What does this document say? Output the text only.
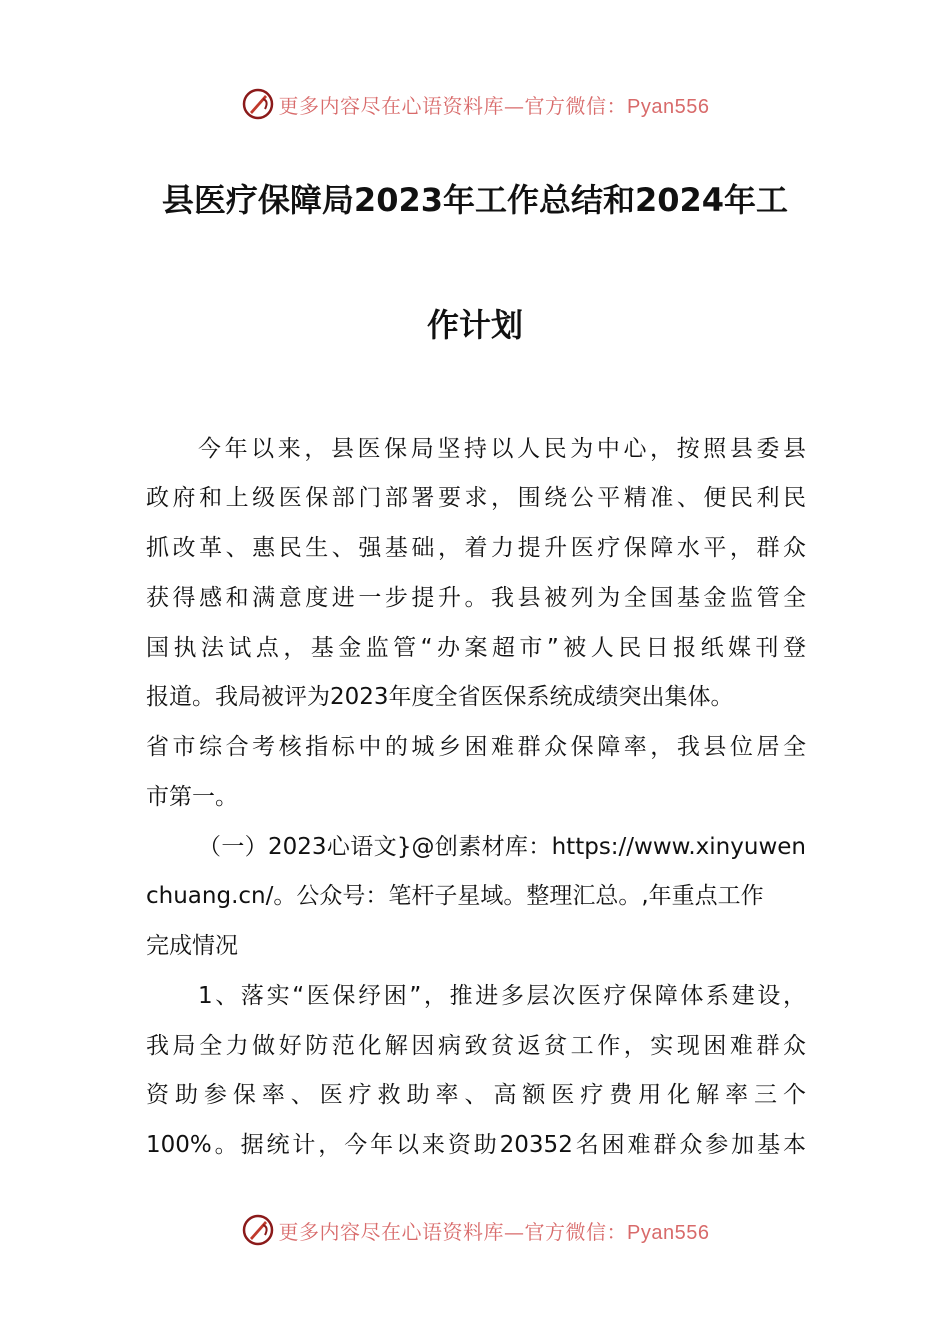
更多内容尽在心语资料库—官方微信：Pyan556
县医疗保障局2023年工作总结和2024年工
作计划
今年以来，县医保局坚持以人民为中心，按照县委县
政府和上级医保部门部署要求，围绕公平精准、便民利民
抓改革、惠民生、强基础，着力提升医疗保障水平，群众
获得感和满意度进一步提升。我县被列为全国基金监管全
国执法试点，基金监管“办案超市”被人民日报纸媒刊登
报道。我局被评为2023年度全省医保系统成绩突出集体。
省市综合考核指标中的城乡困难群众保障率，我县位居全
市第一。
（一）2023心语文}@创素材库：https://www.xinyuwen
chuang.cn/。公众号：笔杆子星域。整理汇总。,年重点工作
完成情况
1、落实“医保纾困”，推进多层次医疗保障体系建设，
我局全力做好防范化解因病致贫返贫工作，实现困难群众
资助参保率、医疗救助率、高额医疗费用化解率三个
100%。据统计，今年以来资助20352名困难群众参加基本
更多内容尽在心语资料库—官方微信：Pyan556
